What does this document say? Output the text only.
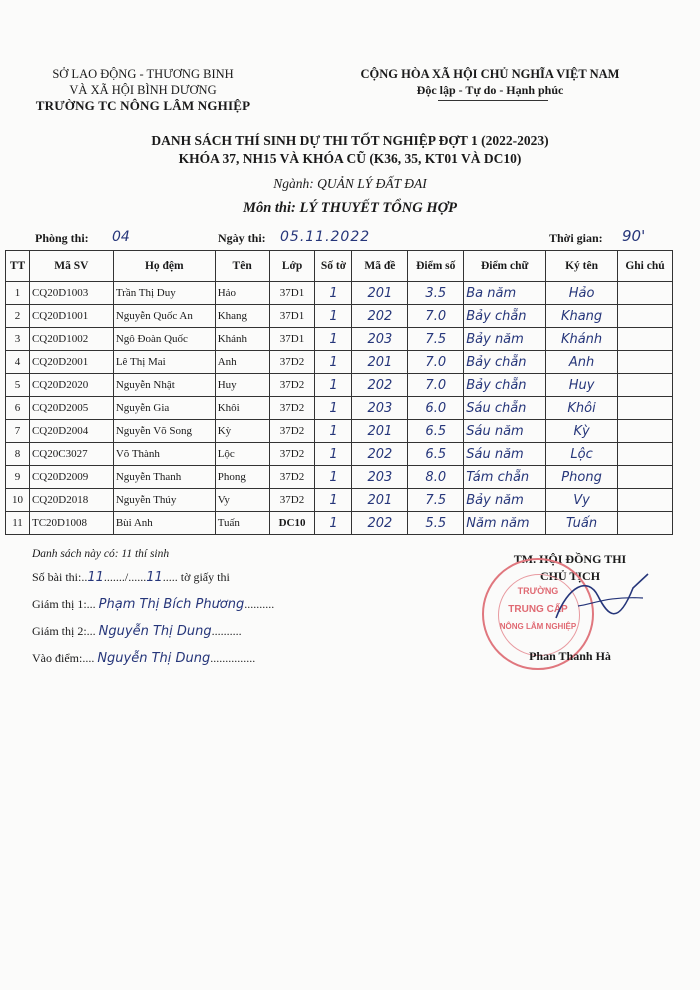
SỞ LAO ĐỘNG - THƯƠNG BINH
VÀ XÃ HỘI BÌNH DƯƠNG
TRƯỜNG TC NÔNG LÂM NGHIỆP
CỘNG HÒA XÃ HỘI CHỦ NGHĨA VIỆT NAM
Độc lập - Tự do - Hạnh phúc
DANH SÁCH THÍ SINH DỰ THI TỐT NGHIỆP ĐỢT 1 (2022-2023)
KHÓA 37, NH15 VÀ KHÓA CŨ (K36, 35, KT01 VÀ DC10)
Ngành: QUẢN LÝ ĐẤT ĐAI
Môn thi: LÝ THUYẾT TỔNG HỢP
Phòng thi: 04	Ngày thi: 05.11.2022	Thời gian: 90'
TT	Mã SV	Họ đệm	Tên	Lớp	Số tờ	Mã đề	Điểm số	Điểm chữ	Ký tên	Ghi chú
1	CQ20D1003	Trần Thị Duy	Hảo	37D1	1	201	3.5	Ba năm	Hảo	
2	CQ20D1001	Nguyễn Quốc An	Khang	37D1	1	202	7.0	Bảy chẵn	Khang	
3	CQ20D1002	Ngô Đoàn Quốc	Khánh	37D1	1	203	7.5	Bảy năm	Khánh	
4	CQ20D2001	Lê Thị Mai	Anh	37D2	1	201	7.0	Bảy chẵn	Anh	
5	CQ20D2020	Nguyễn Nhật	Huy	37D2	1	202	7.0	Bảy chẵn	Huy	
6	CQ20D2005	Nguyễn Gia	Khôi	37D2	1	203	6.0	Sáu chẵn	Khôi	
7	CQ20D2004	Nguyễn Võ Song	Kỳ	37D2	1	201	6.5	Sáu năm	Kỳ	
8	CQ20C3027	Võ Thành	Lộc	37D2	1	202	6.5	Sáu năm	Lộc	
9	CQ20D2009	Nguyễn Thanh	Phong	37D2	1	203	8.0	Tám chẵn	Phong	
10	CQ20D2018	Nguyễn Thúy	Vy	37D2	1	201	7.5	Bảy năm	Vy	
11	TC20D1008	Bùi Anh	Tuấn	DC10	1	202	5.5	Năm năm	Tuấn	
Danh sách này có: 11 thí sinh
Số bài thi:..11......./......11..... tờ giấy thi
Giám thị 1:... Phạm Thị Bích Phương..........
Giám thị 2:... Nguyễn Thị Dung..........
Vào điểm:.... Nguyễn Thị Dung...............
TM. HỘI ĐỒNG THI
CHỦ TỊCH
TRƯỜNG
TRUNG CẤP
NÔNG LÂM NGHIỆP
Phan Thanh Hà
